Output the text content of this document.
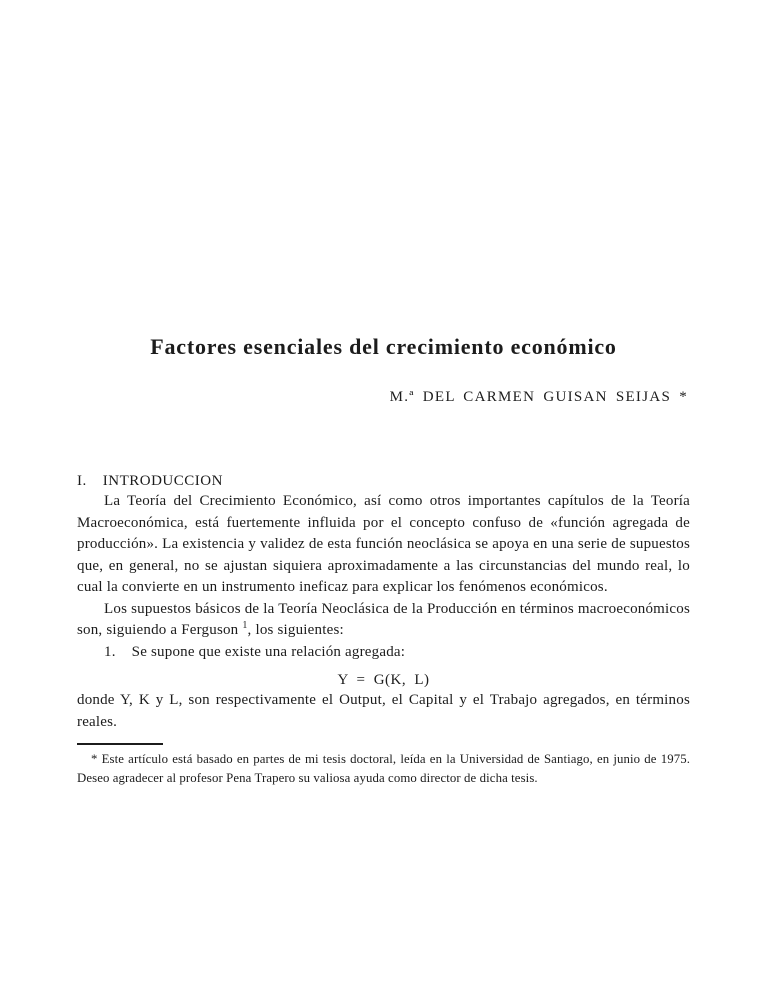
Factores esenciales del crecimiento económico
M.ª DEL CARMEN GUISAN SEIJAS *
I. INTRODUCCION

La Teoría del Crecimiento Económico, así como otros importantes capítulos de la Teoría Macroeconómica, está fuertemente influida por el concepto confuso de «función agregada de producción». La existencia y validez de esta función neoclásica se apoya en una serie de supuestos que, en general, no se ajustan siquiera aproximadamente a las circunstancias del mundo real, lo cual la convierte en un instrumento ineficaz para explicar los fenómenos económicos.

Los supuestos básicos de la Teoría Neoclásica de la Producción en términos macroeconómicos son, siguiendo a Ferguson $^1$, los siguientes:

1. Se supone que existe una relación agregada:

Y = G(K, L)

donde Y, K y L, son respectivamente el Output, el Capital y el Trabajo agregados, en términos reales.

* Este artículo está basado en partes de mi tesis doctoral, leída en la Universidad de Santiago, en junio de 1975. Deseo agradecer al profesor Pena Trapero su valiosa ayuda como director de dicha tesis.
